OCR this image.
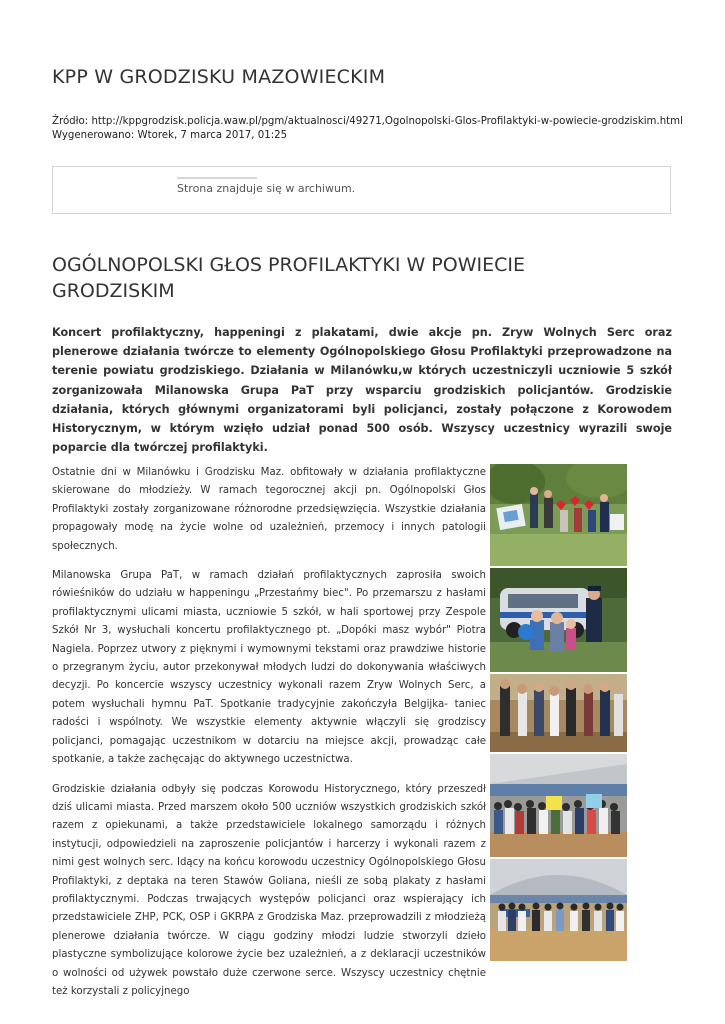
KPP W GRODZISKU MAZOWIECKIM
Źródło: http://kppgrodzisk.policja.waw.pl/pgm/aktualnosci/49271,Ogolnopolski-Glos-Profilaktyki-w-powiecie-grodziskim.html
Wygenerowano: Wtorek, 7 marca 2017, 01:25
Strona znajduje się w archiwum.
OGÓLNOPOLSKI GŁOS PROFILAKTYKI W POWIECIE GRODZISKIM

Koncert profilaktyczny, happeningi z plakatami, dwie akcje pn. Zryw Wolnych Serc oraz plenerowe działania twórcze to elementy Ogólnopolskiego Głosu Profilaktyki przeprowadzone na terenie powiatu grodziskiego. Działania w Milanówku,w których uczestniczyli uczniowie 5 szkół zorganizowała Milanowska Grupa PaT przy wsparciu grodziskich policjantów. Grodziskie działania, których głównymi organizatorami byli policjanci, zostały połączone z Korowodem Historycznym, w którym wzięło udział ponad 500 osób. Wszyscy uczestnicy wyrazili swoje poparcie dla twórczej profilaktyki.

Ostatnie dni w Milanówku i Grodzisku Maz. obfitowały w działania profilaktyczne skierowane do młodzieży. W ramach tegorocznej akcji pn. Ogólnopolski Głos Profilaktyki zostały zorganizowane różnorodne przedsięwzięcia. Wszystkie działania propagowały modę na życie wolne od uzależnień, przemocy i innych patologii społecznych.

Milanowska Grupa PaT, w ramach działań profilaktycznych zaprosiła swoich rówieśników do udziału w happeningu „Przestańmy biec". Po przemarszu z hasłami profilaktycznymi ulicami miasta, uczniowie 5 szkół, w hali sportowej przy Zespole Szkół Nr 3, wysłuchali koncertu profilaktycznego pt. „Dopóki masz wybór" Piotra Nagiela. Poprzez utwory z pięknymi i wymownymi tekstami oraz prawdziwe historie o przegranym życiu, autor przekonywał młodych ludzi do dokonywania właściwych decyzji. Po koncercie wszyscy uczestnicy wykonali razem Zryw Wolnych Serc, a potem wysłuchali hymnu PaT. Spotkanie tradycyjnie zakończyła Belgijka- taniec radości i wspólnoty. We wszystkie elementy aktywnie włączyli się grodziscy policjanci, pomagając uczestnikom w dotarciu na miejsce akcji, prowadząc całe spotkanie, a także zachęcając do aktywnego uczestnictwa.

Grodziskie działania odbyły się podczas Korowodu Historycznego, który przeszedł dziś ulicami miasta. Przed marszem około 500 uczniów wszystkich grodziskich szkół razem z opiekunami, a także przedstawiciele lokalnego samorządu i różnych instytucji, odpowiedzieli na zaproszenie policjantów i harcerzy i wykonali razem z nimi gest wolnych serc. Idący na końcu korowodu uczestnicy Ogólnopolskiego Głosu Profilaktyki, z deptaka na teren Stawów Goliana, nieśli ze sobą plakaty z hasłami profilaktycznymi. Podczas trwających występów policjanci oraz wspierający ich przedstawiciele ZHP, PCK, OSP i GKRPA z Grodziska Maz. przeprowadzili z młodzieżą plenerowe działania twórcze. W ciągu godziny młodzi ludzie stworzyli dzieło plastyczne symbolizujące kolorowe życie bez uzależnień, a z deklaracji uczestników o wolności od używek powstało duże czerwone serce. Wszyscy uczestnicy chętnie też korzystali z policyjnego
